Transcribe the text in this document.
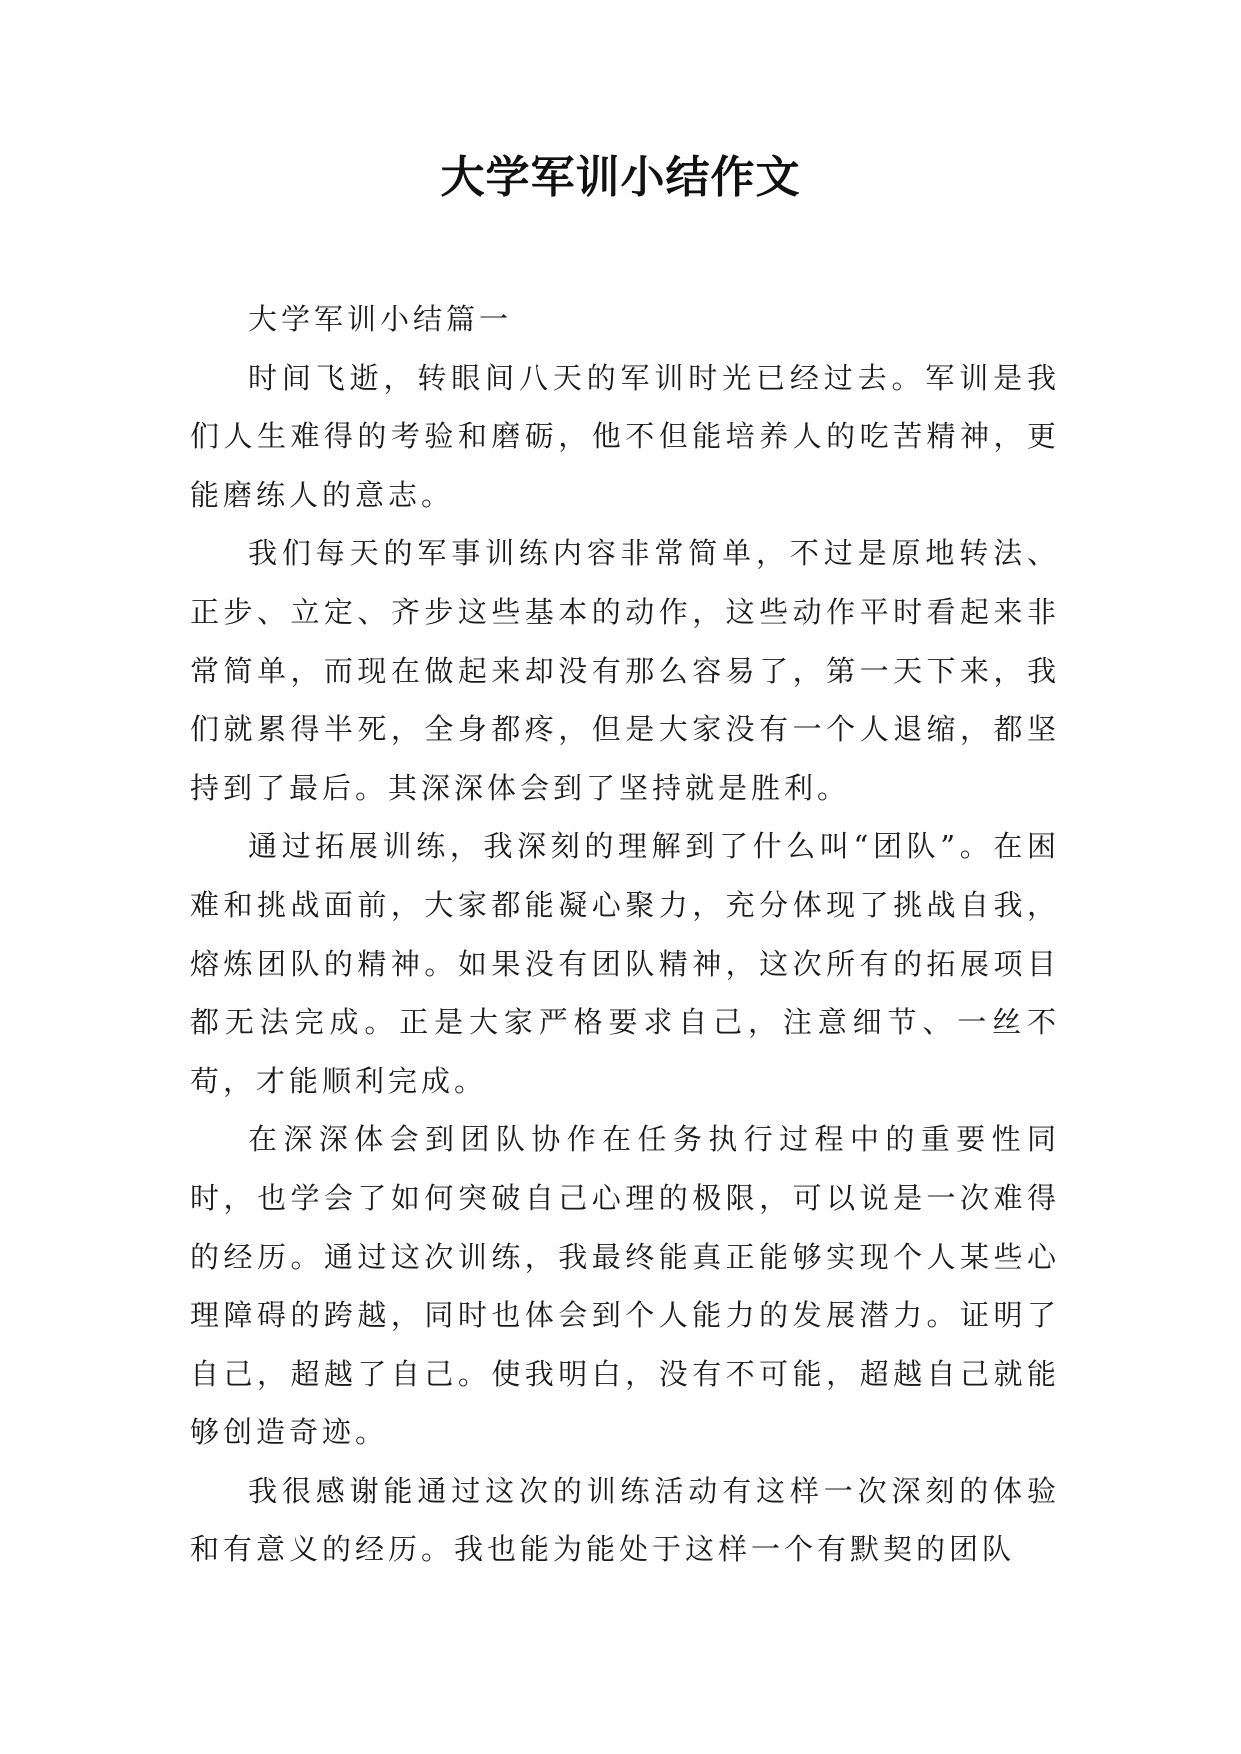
大学军训小结作文

大学军训小结篇一

时间飞逝，转眼间八天的军训时光已经过去。军训是我们人生难得的考验和磨砺，他不但能培养人的吃苦精神，更能磨练人的意志。

我们每天的军事训练内容非常简单，不过是原地转法、正步、立定、齐步这些基本的动作，这些动作平时看起来非常简单，而现在做起来却没有那么容易了，第一天下来，我们就累得半死，全身都疼，但是大家没有一个人退缩，都坚持到了最后。其深深体会到了坚持就是胜利。

通过拓展训练，我深刻的理解到了什么叫“团队”。在困难和挑战面前，大家都能凝心聚力，充分体现了挑战自我，熔炼团队的精神。如果没有团队精神，这次所有的拓展项目都无法完成。正是大家严格要求自己，注意细节、一丝不苟，才能顺利完成。

在深深体会到团队协作在任务执行过程中的重要性同时，也学会了如何突破自己心理的极限，可以说是一次难得的经历。通过这次训练，我最终能真正能够实现个人某些心理障碍的跨越，同时也体会到个人能力的发展潜力。证明了自己，超越了自己。使我明白，没有不可能，超越自己就能够创造奇迹。

我很感谢能通过这次的训练活动有这样一次深刻的体验和有意义的经历。我也能为能处于这样一个有默契的团队
